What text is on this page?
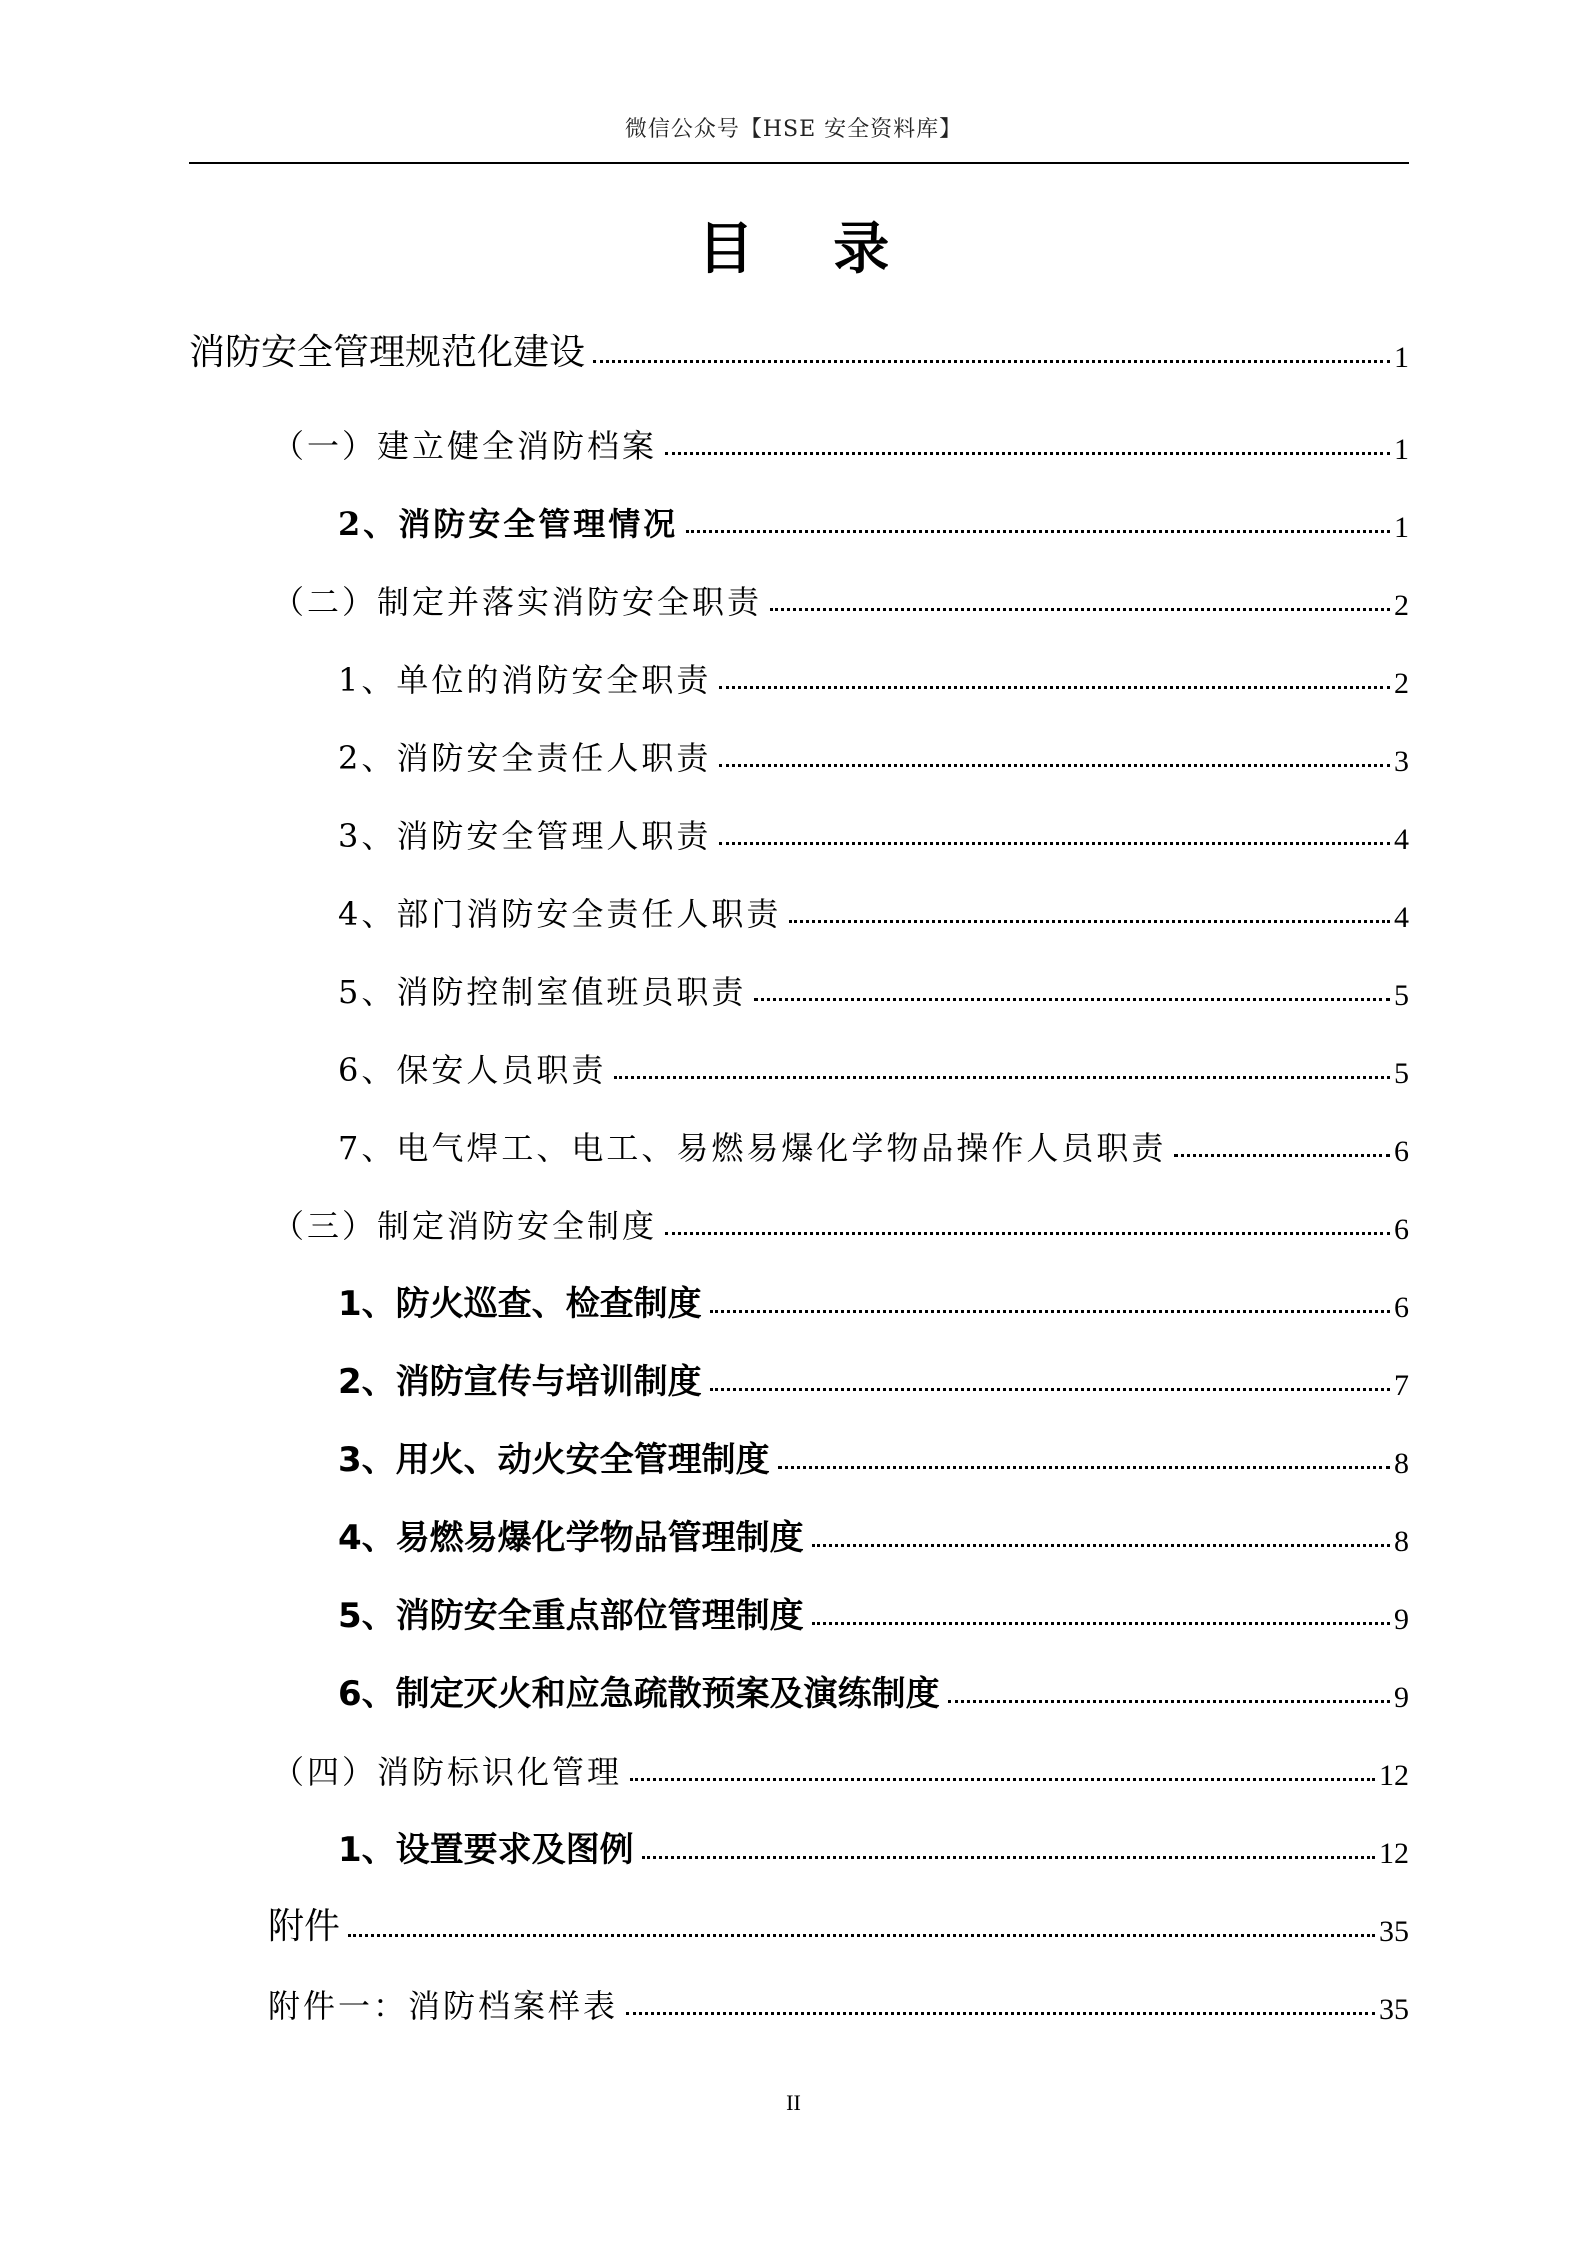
微信公众号【HSE 安全资料库】
目 录
消防安全管理规范化建设	1
（一）建立健全消防档案	1
2、消防安全管理情况	1
（二）制定并落实消防安全职责	2
1、单位的消防安全职责	2
2、消防安全责任人职责	3
3、消防安全管理人职责	4
4、部门消防安全责任人职责	4
5、消防控制室值班员职责	5
6、保安人员职责	5
7、电气焊工、电工、易燃易爆化学物品操作人员职责	6
（三）制定消防安全制度	6
1、防火巡查、检查制度	6
2、消防宣传与培训制度	7
3、用火、动火安全管理制度	8
4、易燃易爆化学物品管理制度	8
5、消防安全重点部位管理制度	9
6、制定灭火和应急疏散预案及演练制度	9
（四）消防标识化管理	12
1、设置要求及图例	12
附件	35
附件一：消防档案样表	35
II
